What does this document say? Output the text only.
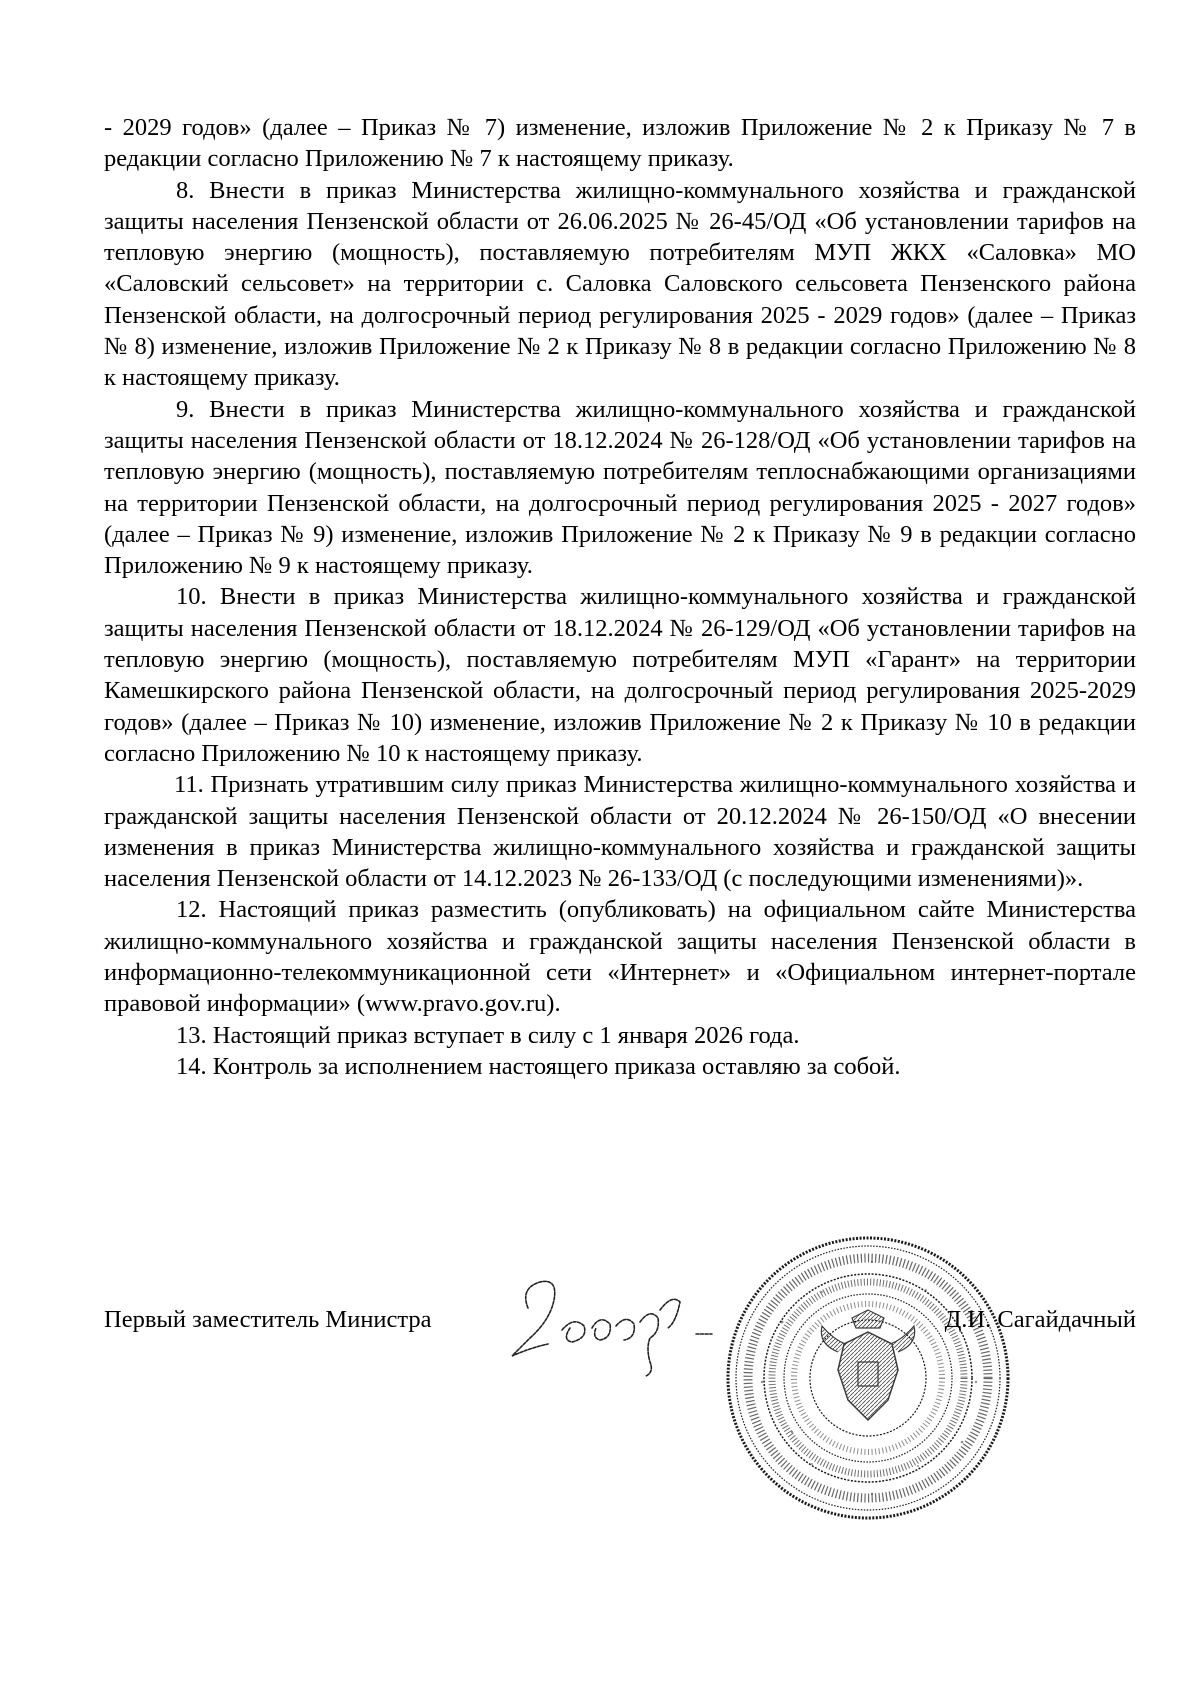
- 2029 годов» (далее – Приказ № 7) изменение, изложив Приложение № 2 к Приказу № 7 в редакции согласно Приложению № 7 к настоящему приказу.

8. Внести в приказ Министерства жилищно-коммунального хозяйства и гражданской защиты населения Пензенской области от 26.06.2025 № 26-45/ОД «Об установлении тарифов на тепловую энергию (мощность), поставляемую потребителям МУП ЖКХ «Саловка» МО «Саловский сельсовет» на территории с. Саловка Саловского сельсовета Пензенского района Пензенской области, на долгосрочный период регулирования 2025 - 2029 годов» (далее – Приказ № 8) изменение, изложив Приложение № 2 к Приказу № 8 в редакции согласно Приложению № 8 к настоящему приказу.

9. Внести в приказ Министерства жилищно-коммунального хозяйства и гражданской защиты населения Пензенской области от 18.12.2024 № 26-128/ОД «Об установлении тарифов на тепловую энергию (мощность), поставляемую потребителям теплоснабжающими организациями на территории Пензенской области, на долгосрочный период регулирования 2025 - 2027 годов» (далее – Приказ № 9) изменение, изложив Приложение № 2 к Приказу № 9 в редакции согласно Приложению № 9 к настоящему приказу.

10. Внести в приказ Министерства жилищно-коммунального хозяйства и гражданской защиты населения Пензенской области от 18.12.2024 № 26-129/ОД «Об установлении тарифов на тепловую энергию (мощность), поставляемую потребителям МУП «Гарант» на территории Камешкирского района Пензенской области, на долгосрочный период регулирования 2025-2029 годов» (далее – Приказ № 10) изменение, изложив Приложение № 2 к Приказу № 10 в редакции согласно Приложению № 10 к настоящему приказу.

11. Признать утратившим силу приказ Министерства жилищно-коммунального хозяйства и гражданской защиты населения Пензенской области от 20.12.2024 № 26-150/ОД «О внесении изменения в приказ Министерства жилищно-коммунального хозяйства и гражданской защиты населения Пензенской области от 14.12.2023 № 26-133/ОД (с последующими изменениями)».

12. Настоящий приказ разместить (опубликовать) на официальном сайте Министерства жилищно-коммунального хозяйства и гражданской защиты населения Пензенской области в информационно-телекоммуникационной сети «Интернет» и «Официальном интернет-портале правовой информации» (www.pravo.gov.ru).

13. Настоящий приказ вступает в силу с 1 января 2026 года.

14. Контроль за исполнением настоящего приказа оставляю за собой.

Первый заместитель Министра	Д.И. Сагайдачный
